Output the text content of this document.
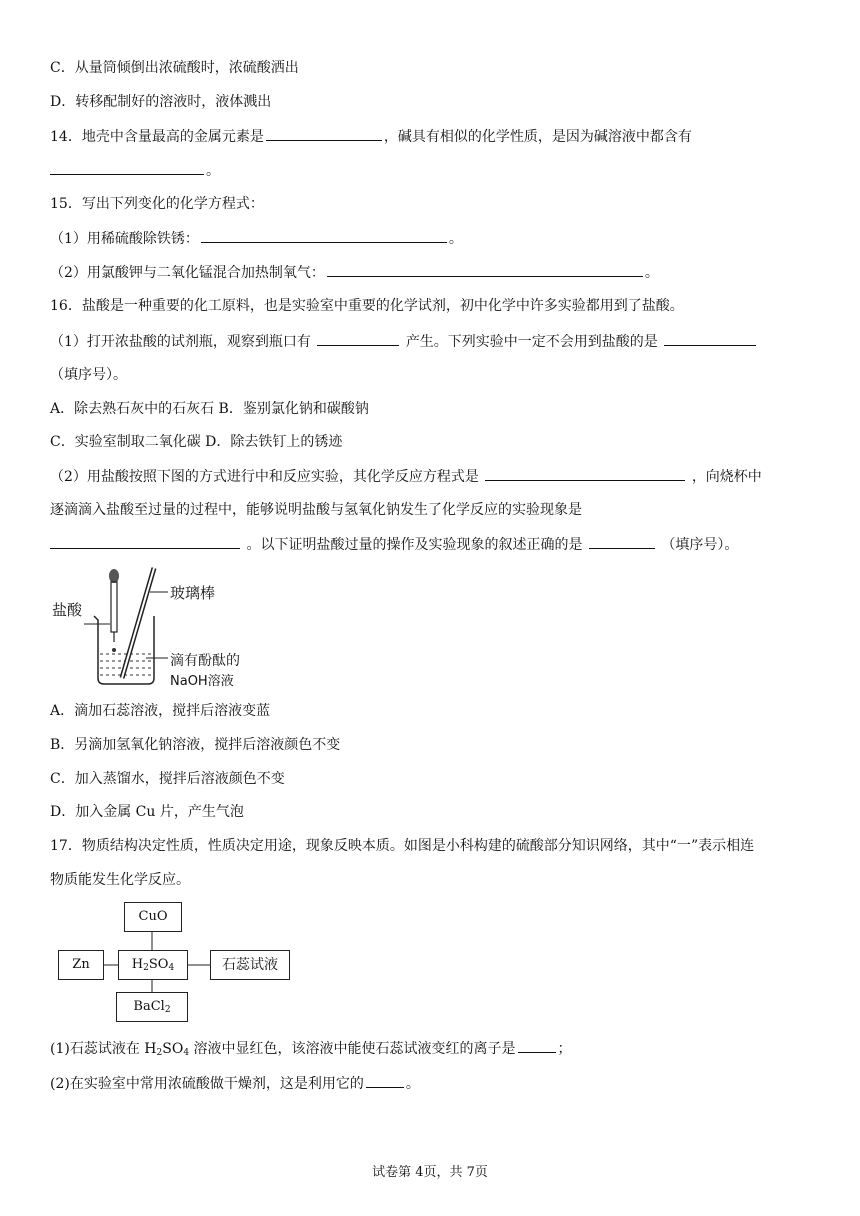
C．从量筒倾倒出浓硫酸时，浓硫酸洒出
D．转移配制好的溶液时，液体溅出
14．地壳中含量最高的金属元素是	，碱具有相似的化学性质，是因为碱溶液中都含有
。
15．写出下列变化的化学方程式：
（1）用稀硫酸除铁锈：	。
（2）用氯酸钾与二氧化锰混合加热制氧气：	。
16．盐酸是一种重要的化工原料，也是实验室中重要的化学试剂，初中化学中许多实验都用到了盐酸。
（1）打开浓盐酸的试剂瓶，观察到瓶口有	产生。下列实验中一定不会用到盐酸的是
（填序号）。
A．除去熟石灰中的石灰石 B．鉴别氯化钠和碳酸钠
C．实验室制取二氧化碳 D．除去铁钉上的锈迹
（2）用盐酸按照下图的方式进行中和反应实验，其化学反应方程式是	，向烧杯中
逐滴滴入盐酸至过量的过程中，能够说明盐酸与氢氧化钠发生了化学反应的实验现象是
。以下证明盐酸过量的操作及实验现象的叙述正确的是	（填序号）。
盐酸
玻璃棒
滴有酚酞的
NaOH溶液
A．滴加石蕊溶液，搅拌后溶液变蓝
B．另滴加氢氧化钠溶液，搅拌后溶液颜色不变
C．加入蒸馏水，搅拌后溶液颜色不变
D．加入金属 Cu 片，产生气泡
17．物质结构决定性质，性质决定用途，现象反映本质。如图是小科构建的硫酸部分知识网络，其中“一”表示相连
物质能发生化学反应。
CuO
Zn	$H_2SO_4$	石蕊试液
BaCl$_2$
(1)石蕊试液在 $H_2SO_4$ 溶液中显红色，该溶液中能使石蕊试液变红的离子是	；
(2)在实验室中常用浓硫酸做干燥剂，这是利用它的	。
试卷第 4页，共 7页
